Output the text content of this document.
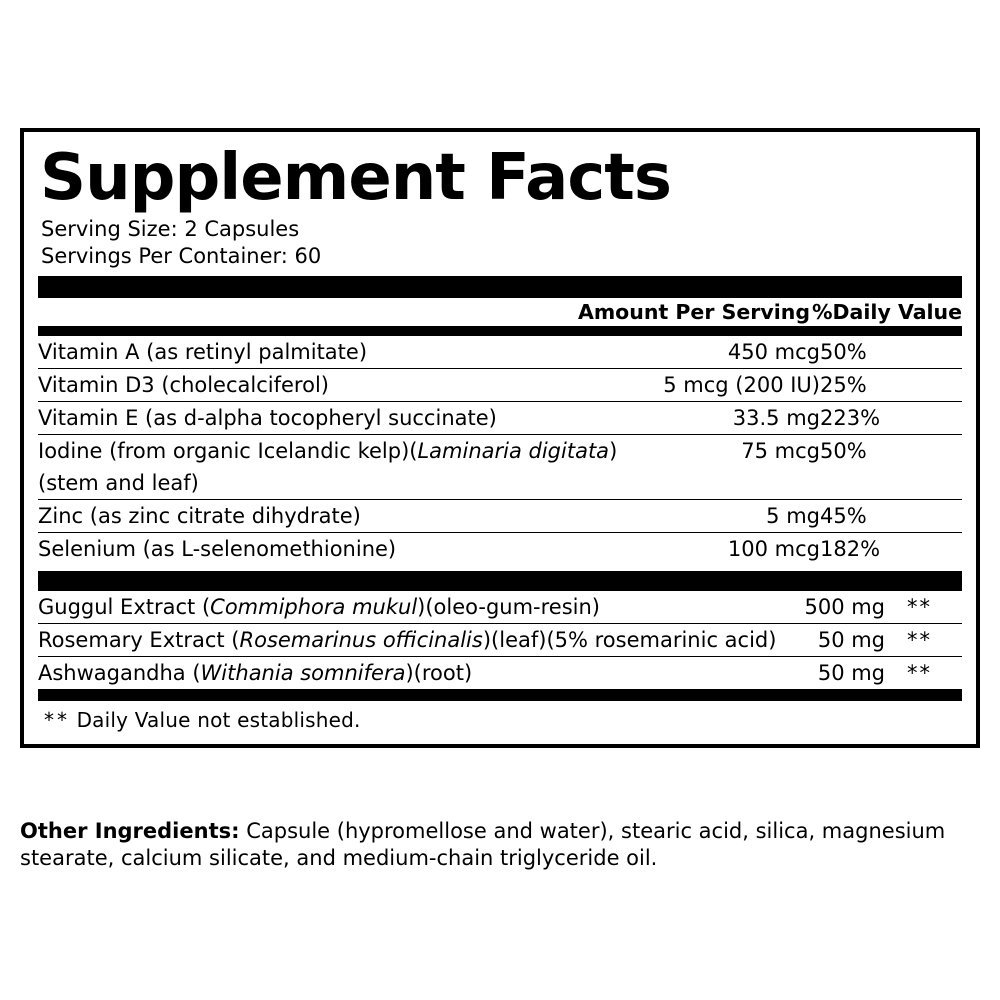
Supplement Facts
Serving Size: 2 Capsules
Servings Per Container: 60
Amount Per Serving %Daily Value
Vitamin A (as retinyl palmitate)	450 mcg	50%
Vitamin D3 (cholecalciferol)	5 mcg (200 IU)	25%
Vitamin E (as d-alpha tocopheryl succinate)	33.5 mg	223%
Iodine (from organic Icelandic kelp)(Laminaria digitata)	75 mcg	50%
(stem and leaf)		
Zinc (as zinc citrate dihydrate)	5 mg	45%
Selenium (as L-selenomethionine)	100 mcg	182%
Guggul Extract (Commiphora mukul)(oleo-gum-resin)	500 mg	**
Rosemary Extract (Rosemarinus officinalis)(leaf)(5% rosemarinic acid)	50 mg	**
Ashwagandha (Withania somnifera)(root)	50 mg	**
** Daily Value not established.
Other Ingredients: Capsule (hypromellose and water), stearic acid, silica, magnesium stearate, calcium silicate, and medium-chain triglyceride oil.
